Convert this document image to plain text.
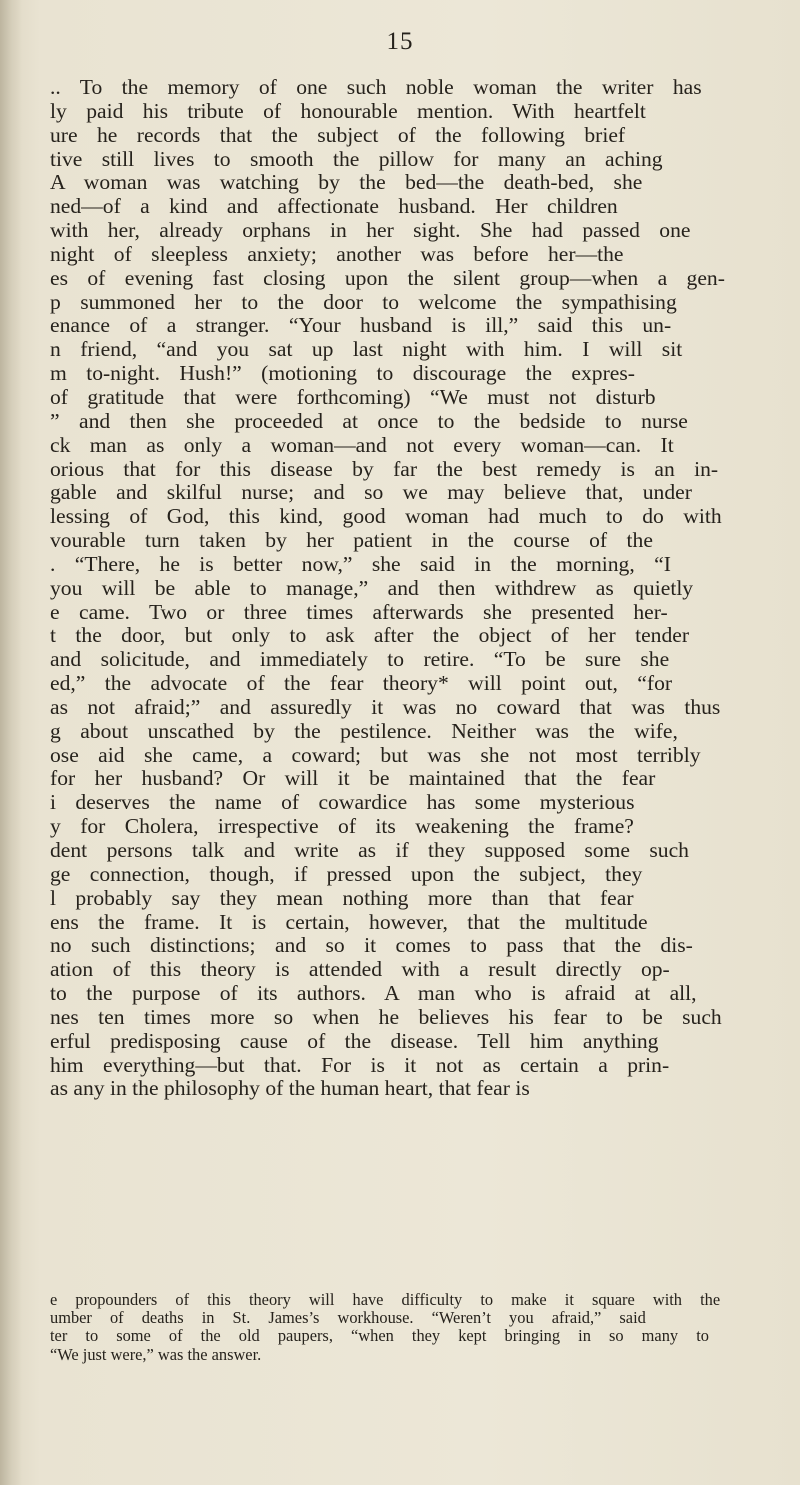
15
.. To the memory of one such noble woman the writer has
ly paid his tribute of honourable mention. With heartfelt
ure he records that the subject of the following brief
tive still lives to smooth the pillow for many an aching
A woman was watching by the bed—the death-bed, she
ned—of a kind and affectionate husband. Her children
with her, already orphans in her sight. She had passed one
night of sleepless anxiety; another was before her—the
es of evening fast closing upon the silent group—when a gen-
p summoned her to the door to welcome the sympathising
enance of a stranger. “Your husband is ill,” said this un-
n friend, “and you sat up last night with him. I will sit
m to-night. Hush!” (motioning to discourage the expres-
of gratitude that were forthcoming) “We must not disturb
” and then she proceeded at once to the bedside to nurse
ck man as only a woman—and not every woman—can. It
orious that for this disease by far the best remedy is an in-
gable and skilful nurse; and so we may believe that, under
lessing of God, this kind, good woman had much to do with
vourable turn taken by her patient in the course of the
. “There, he is better now,” she said in the morning, “I
you will be able to manage,” and then withdrew as quietly
e came. Two or three times afterwards she presented her-
t the door, but only to ask after the object of her tender
and solicitude, and immediately to retire. “To be sure she
ed,” the advocate of the fear theory* will point out, “for
as not afraid;” and assuredly it was no coward that was thus
g about unscathed by the pestilence. Neither was the wife,
ose aid she came, a coward; but was she not most terribly
for her husband? Or will it be maintained that the fear
i deserves the name of cowardice has some mysterious
y for Cholera, irrespective of its weakening the frame?
dent persons talk and write as if they supposed some such
ge connection, though, if pressed upon the subject, they
l probably say they mean nothing more than that fear
ens the frame. It is certain, however, that the multitude
no such distinctions; and so it comes to pass that the dis-
ation of this theory is attended with a result directly op-
to the purpose of its authors. A man who is afraid at all,
nes ten times more so when he believes his fear to be such
erful predisposing cause of the disease. Tell him anything
him everything—but that. For is it not as certain a prin-
as any in the philosophy of the human heart, that fear is
e propounders of this theory will have difficulty to make it square with the
umber of deaths in St. James’s workhouse. “Weren’t you afraid,” said
ter to some of the old paupers, “when they kept bringing in so many to
“We just were,” was the answer.
